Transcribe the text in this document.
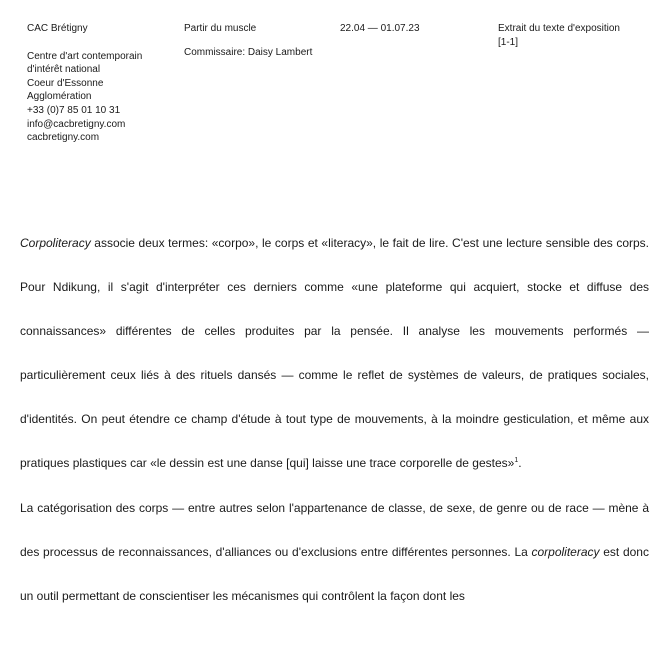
CAC Brétigny
Centre d'art contemporain
d'intérêt national
Coeur d'Essonne
Agglomération
+33 (0)7 85 01 10 31
info@cacbretigny.com
cacbretigny.com
Partir du muscle
Commissaire: Daisy Lambert
22.04 — 01.07.23	Extrait du texte d'exposition
[1-1]

Corpoliteracy associe deux termes: «corpo», le corps et «literacy», le fait de lire. C'est une lecture sensible des corps. Pour Ndikung, il s'agit d'interpréter ces derniers comme «une plateforme qui acquiert, stocke et diffuse des connaissances» différentes de celles produites par la pensée. Il analyse les mouvements performés — particulièrement ceux liés à des rituels dansés — comme le reflet de systèmes de valeurs, de pratiques sociales, d'identités. On peut étendre ce champ d'étude à tout type de mouvements, à la moindre gesticulation, et même aux pratiques plastiques car «le dessin est une danse [qui] laisse une trace corporelle de gestes»$^1$.

La catégorisation des corps — entre autres selon l'appartenance de classe, de sexe, de genre ou de race — mène à des processus de reconnaissances, d'alliances ou d'exclusions entre différentes personnes. La corpoliteracy est donc un outil permettant de conscientiser les mécanismes qui contrôlent la façon dont les
